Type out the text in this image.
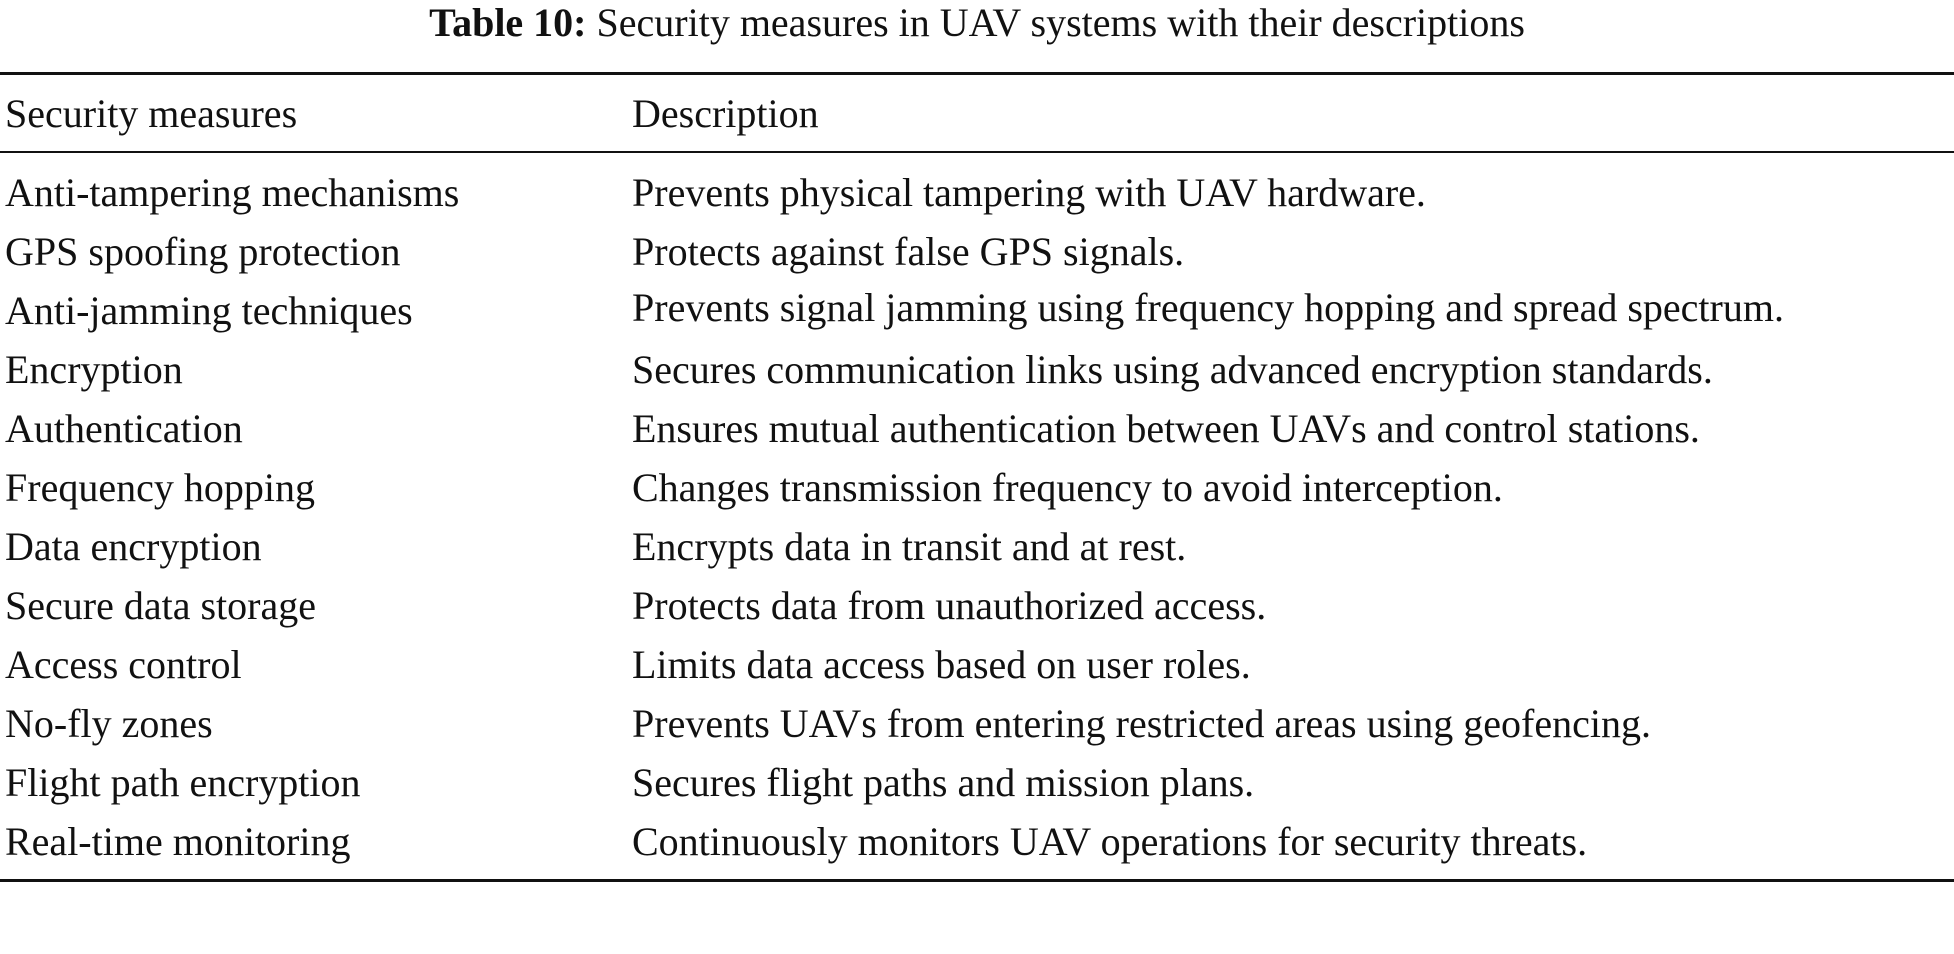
Table 10: Security measures in UAV systems with their descriptions
Security measures	Description
Anti-tampering mechanisms	Prevents physical tampering with UAV hardware.
GPS spoofing protection	Protects against false GPS signals.
Anti-jamming techniques	Prevents signal jamming using frequency hopping and spread spectrum.
Encryption	Secures communication links using advanced encryption standards.
Authentication	Ensures mutual authentication between UAVs and control stations.
Frequency hopping	Changes transmission frequency to avoid interception.
Data encryption	Encrypts data in transit and at rest.
Secure data storage	Protects data from unauthorized access.
Access control	Limits data access based on user roles.
No-fly zones	Prevents UAVs from entering restricted areas using geofencing.
Flight path encryption	Secures flight paths and mission plans.
Real-time monitoring	Continuously monitors UAV operations for security threats.
